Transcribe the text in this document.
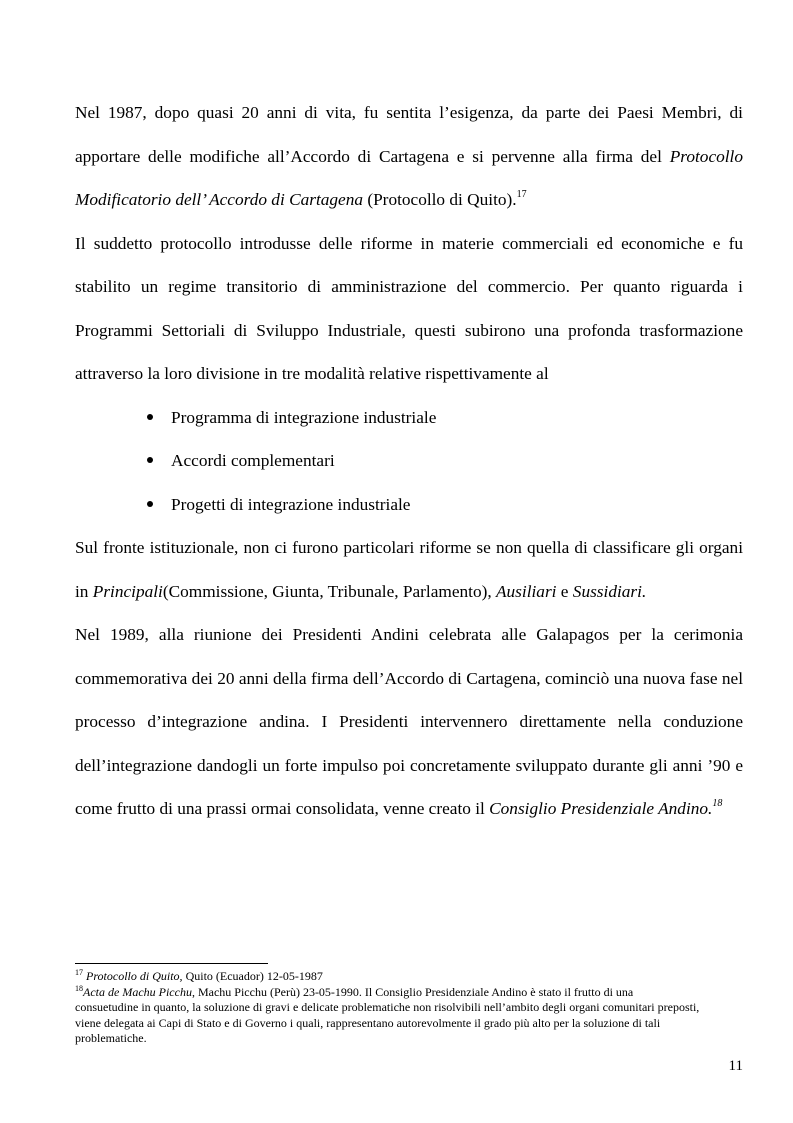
Nel 1987, dopo quasi 20 anni di vita, fu sentita l’esigenza, da parte dei Paesi Membri, di apportare delle modifiche all’Accordo di Cartagena e si pervenne alla firma del Protocollo Modificatorio dell’ Accordo di Cartagena (Protocollo di Quito).$^{17}$

Il suddetto protocollo introdusse delle riforme in materie commerciali ed economiche e fu stabilito un regime transitorio di amministrazione del commercio. Per quanto riguarda i Programmi Settoriali di Sviluppo Industriale, questi subirono una profonda trasformazione attraverso la loro divisione in tre modalità relative rispettivamente al

Programma di integrazione industriale
Accordi complementari
Progetti di integrazione industriale

Sul fronte istituzionale, non ci furono particolari riforme se non quella di classificare gli organi in Principali(Commissione, Giunta, Tribunale, Parlamento), Ausiliari e Sussidiari.

Nel 1989, alla riunione dei Presidenti Andini celebrata alle Galapagos per la cerimonia commemorativa dei 20 anni della firma dell’Accordo di Cartagena, cominciò una nuova fase nel processo d’integrazione andina. I Presidenti intervennero direttamente nella conduzione dell’integrazione dandogli un forte impulso poi concretamente sviluppato durante gli anni ’90 e come frutto di una prassi ormai consolidata, venne creato il Consiglio Presidenziale Andino.$^{18}$

$^{17}$ Protocollo di Quito, Quito (Ecuador) 12-05-1987

$^{18}$Acta de Machu Picchu, Machu Picchu (Perù) 23-05-1990. Il Consiglio Presidenziale Andino è stato il frutto di una

consuetudine in quanto, la soluzione di gravi e delicate problematiche non risolvibili nell’ambito degli organi comunitari preposti, viene delegata ai Capi di Stato e di Governo i quali, rappresentano autorevolmente il grado più alto per la soluzione di tali problematiche.

11
